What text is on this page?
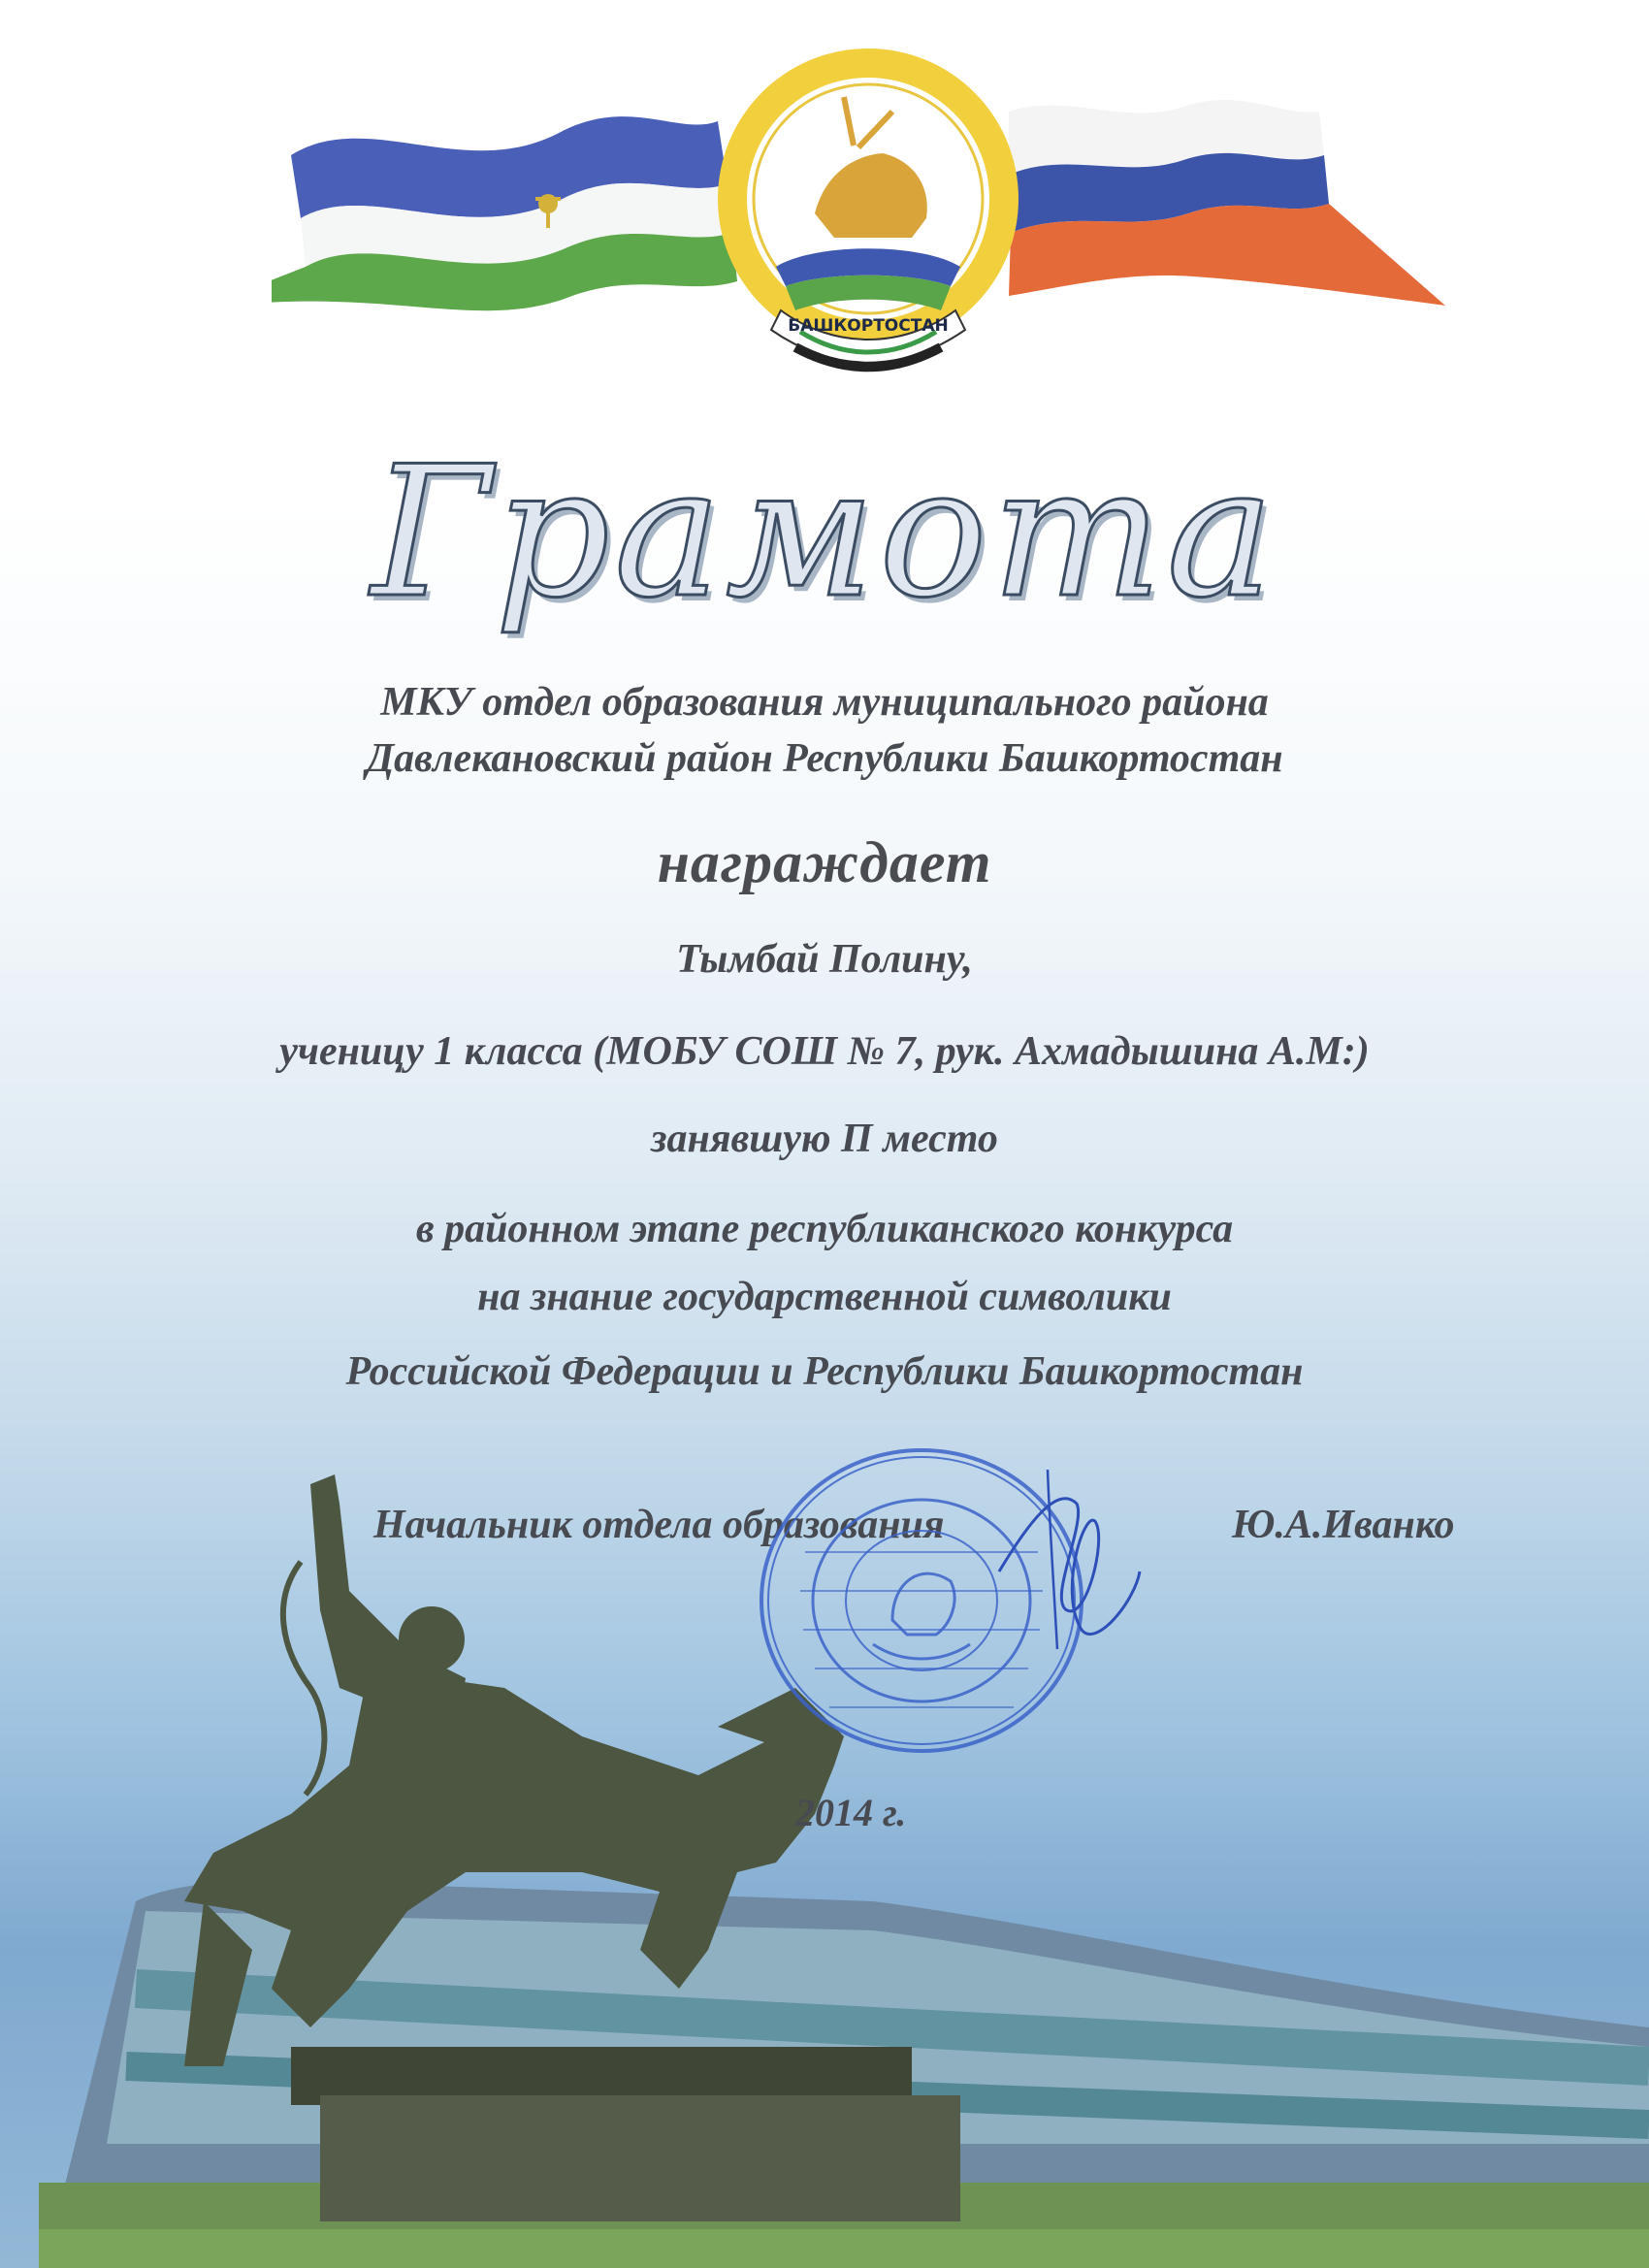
БАШКОРТОСТАН
Грамота
МКУ отдел образования муниципального района
Давлекановский район Республики Башкортостан
награждает
Тымбай Полину,
ученицу 1 класса (МОБУ СОШ № 7, рук. Ахмадышина А.М:)
занявшую П место
в районном этапе республиканского конкурса
на знание государственной символики
Российской Федерации и Республики Башкортостан
Начальник отдела образования	Ю.А.Иванко
2014 г.
